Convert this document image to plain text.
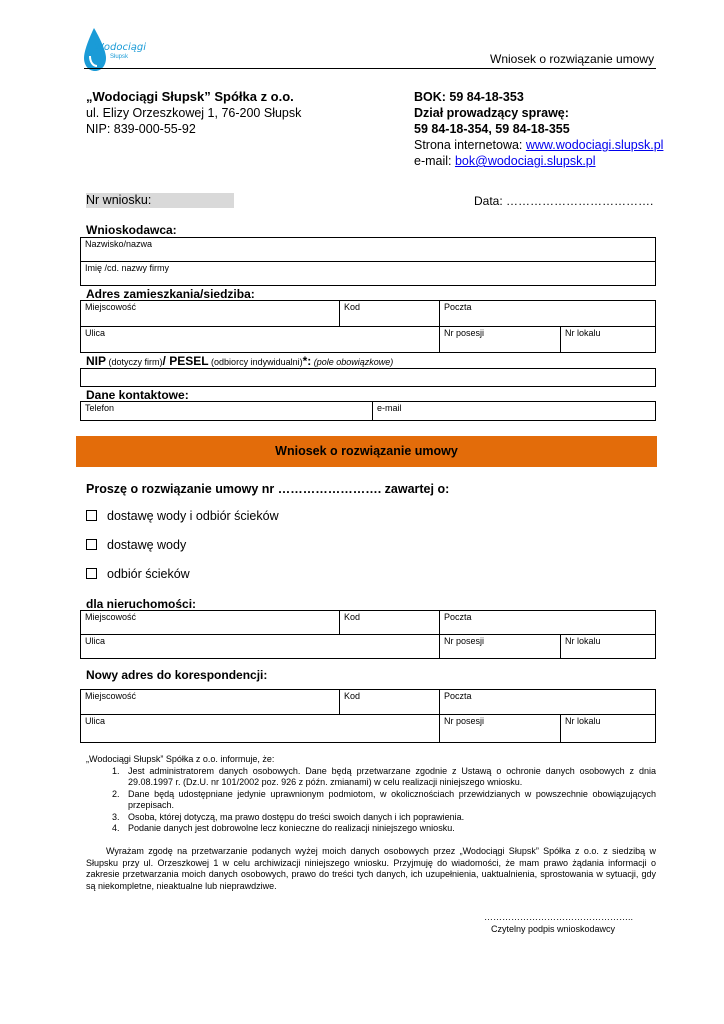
Wodociągi
Słupsk	Wniosek o rozwiązanie umowy
„Wodociągi Słupsk” Spółka z o.o.
ul. Elizy Orzeszkowej 1, 76-200 Słupsk
NIP: 839-000-55-92
BOK: 59 84-18-353
Dział prowadzący sprawę:
59 84-18-354, 59 84-18-355
Strona internetowa: www.wodociagi.slupsk.pl
e-mail: bok@wodociagi.slupsk.pl
Nr wniosku:	Data: ……………………………….
Wnioskodawca:
Nazwisko/nazwa
Imię /cd. nazwy firmy
Adres zamieszkania/siedziba:
Miejscowość	Kod	Poczta	
Ulica		Nr posesji	Nr lokalu
NIP (dotyczy firm)/ PESEL (odbiorcy indywidualni)*: (pole obowiązkowe)
Dane kontaktowe:
Telefon	e-mail
Wniosek o rozwiązanie umowy
Proszę o rozwiązanie umowy nr ……………………. zawartej o:
dostawę wody i odbiór ścieków
dostawę wody
odbiór ścieków
dla nieruchomości:
Miejscowość	Kod	Poczta	
Ulica		Nr posesji	Nr lokalu
Nowy adres do korespondencji:
Miejscowość	Kod	Poczta	
Ulica		Nr posesji	Nr lokalu
„Wodociągi Słupsk” Spółka z o.o. informuje, że:
1. Jest administratorem danych osobowych. Dane będą przetwarzane zgodnie z Ustawą o ochronie danych osobowych z dnia 29.08.1997 r. (Dz.U. nr 101/2002 poz. 926 z późn. zmianami) w celu realizacji niniejszego wniosku.
2. Dane będą udostępniane jedynie uprawnionym podmiotom, w okolicznościach przewidzianych w powszechnie obowiązujących przepisach.
3. Osoba, której dotyczą, ma prawo dostępu do treści swoich danych i ich poprawienia.
4. Podanie danych jest dobrowolne lecz konieczne do realizacji niniejszego wniosku.
Wyrażam zgodę na przetwarzanie podanych wyżej moich danych osobowych przez „Wodociągi Słupsk” Spółka z o.o. z siedzibą w Słupsku przy ul. Orzeszkowej 1 w celu archiwizacji niniejszego wniosku. Przyjmuję do wiadomości, że mam prawo żądania informacji o zakresie przetwarzania moich danych osobowych, prawo do treści tych danych, ich uzupełnienia, uaktualnienia, sprostowania w sytuacji, gdy są niekompletne, nieaktualne lub nieprawdziwe.
…………………………………………..
Czytelny podpis wnioskodawcy
